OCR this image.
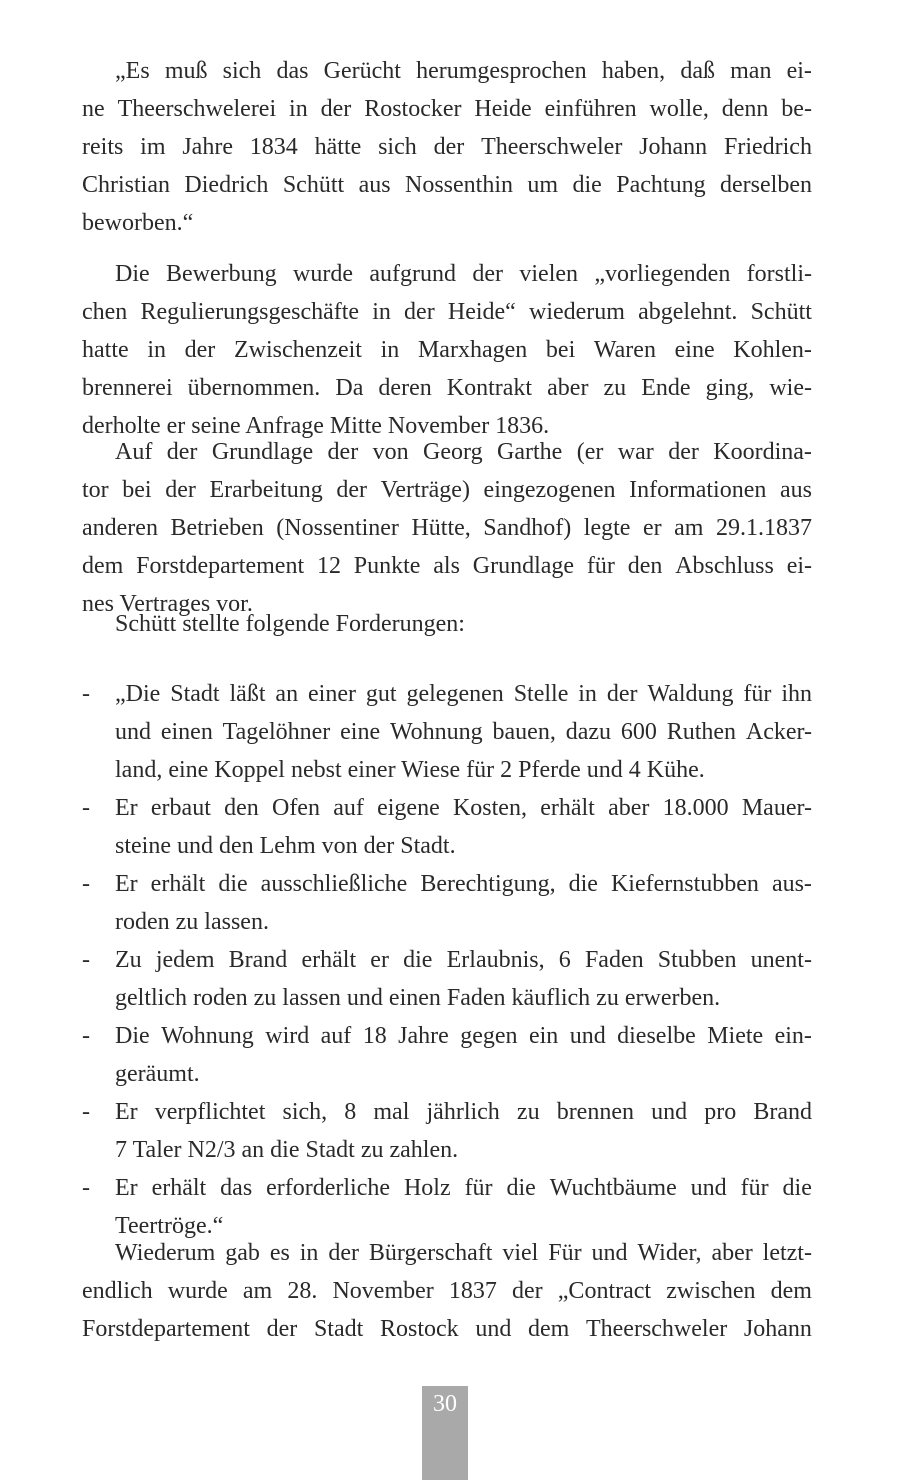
„Es muß sich das Gerücht herumgesprochen haben, daß man ei-
ne Theerschwelerei in der Rostocker Heide einführen wolle, denn be-
reits im Jahre 1834 hätte sich der Theerschweler Johann Friedrich
Christian Diedrich Schütt aus Nossenthin um die Pachtung derselben
beworben.“
Die Bewerbung wurde aufgrund der vielen „vorliegenden forstli-
chen Regulierungsgeschäfte in der Heide“ wiederum abgelehnt. Schütt
hatte in der Zwischenzeit in Marxhagen bei Waren eine Kohlen-
brennerei übernommen. Da deren Kontrakt aber zu Ende ging, wie-
derholte er seine Anfrage Mitte November 1836.
Auf der Grundlage der von Georg Garthe (er war der Koordina-
tor bei der Erarbeitung der Verträge) eingezogenen Informationen aus
anderen Betrieben (Nossentiner Hütte, Sandhof) legte er am 29.1.1837
dem Forstdepartement 12 Punkte als Grundlage für den Abschluss ei-
nes Vertrages vor.
Schütt stellte folgende Forderungen:
- „Die Stadt läßt an einer gut gelegenen Stelle in der Waldung für ihn
und einen Tagelöhner eine Wohnung bauen, dazu 600 Ruthen Acker-
land, eine Koppel nebst einer Wiese für 2 Pferde und 4 Kühe.
- Er erbaut den Ofen auf eigene Kosten, erhält aber 18.000 Mauer-
steine und den Lehm von der Stadt.
- Er erhält die ausschließliche Berechtigung, die Kiefernstubben aus-
roden zu lassen.
- Zu jedem Brand erhält er die Erlaubnis, 6 Faden Stubben unent-
geltlich roden zu lassen und einen Faden käuflich zu erwerben.
- Die Wohnung wird auf 18 Jahre gegen ein und dieselbe Miete ein-
geräumt.
- Er verpflichtet sich, 8 mal jährlich zu brennen und pro Brand
7 Taler N2/3 an die Stadt zu zahlen.
- Er erhält das erforderliche Holz für die Wuchtbäume und für die
Teertröge.“
Wiederum gab es in der Bürgerschaft viel Für und Wider, aber letzt-
endlich wurde am 28. November 1837 der „Contract zwischen dem
Forstdepartement der Stadt Rostock und dem Theerschweler Johann
30
